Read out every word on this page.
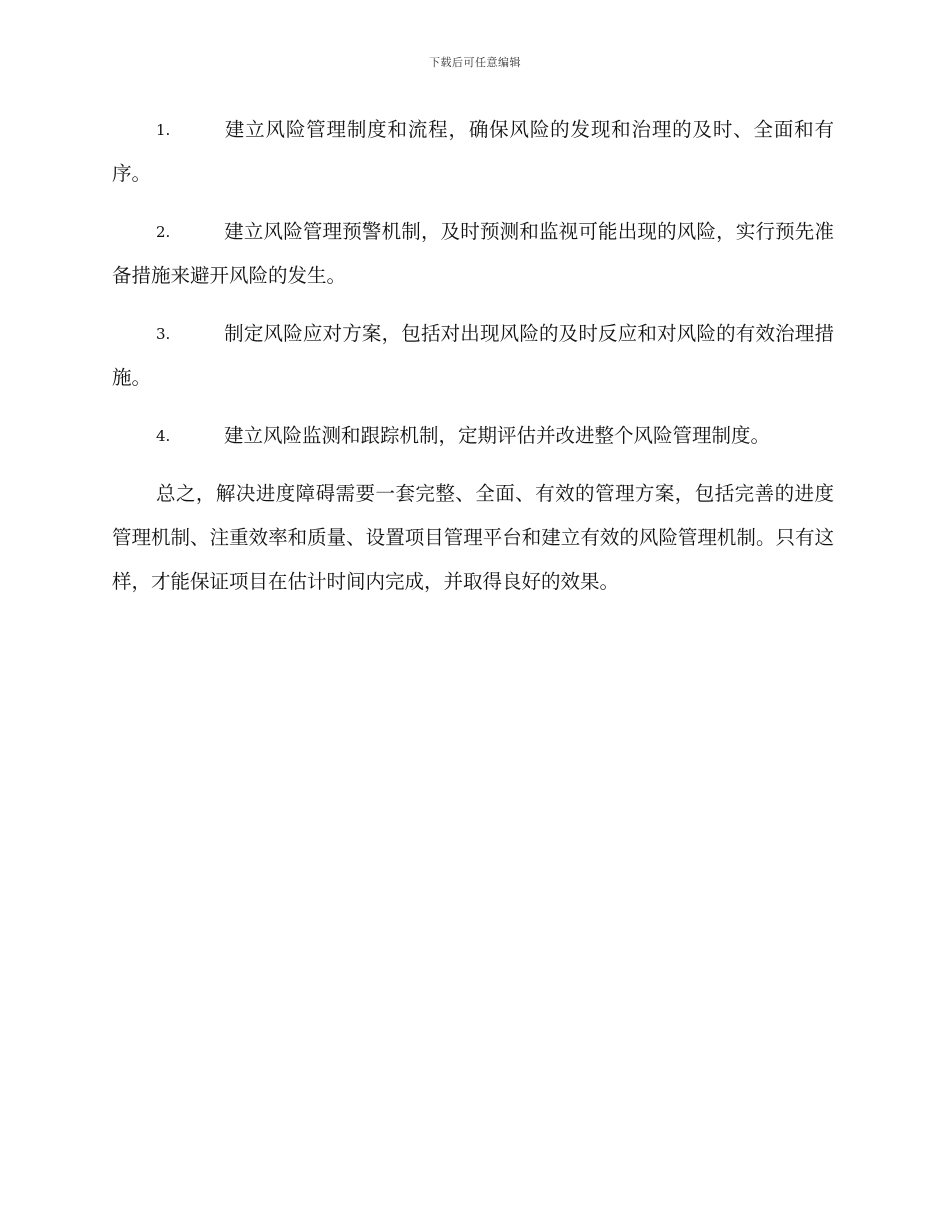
下载后可任意编辑
1.	建立风险管理制度和流程，确保风险的发现和治理的及时、全面和有序。
2.	建立风险管理预警机制，及时预测和监视可能出现的风险，实行预先准备措施来避开风险的发生。
3.	制定风险应对方案，包括对出现风险的及时反应和对风险的有效治理措施。
4.	建立风险监测和跟踪机制，定期评估并改进整个风险管理制度。

总之，解决进度障碍需要一套完整、全面、有效的管理方案，包括完善的进度管理机制、注重效率和质量、设置项目管理平台和建立有效的风险管理机制。只有这样，才能保证项目在估计时间内完成，并取得良好的效果。
